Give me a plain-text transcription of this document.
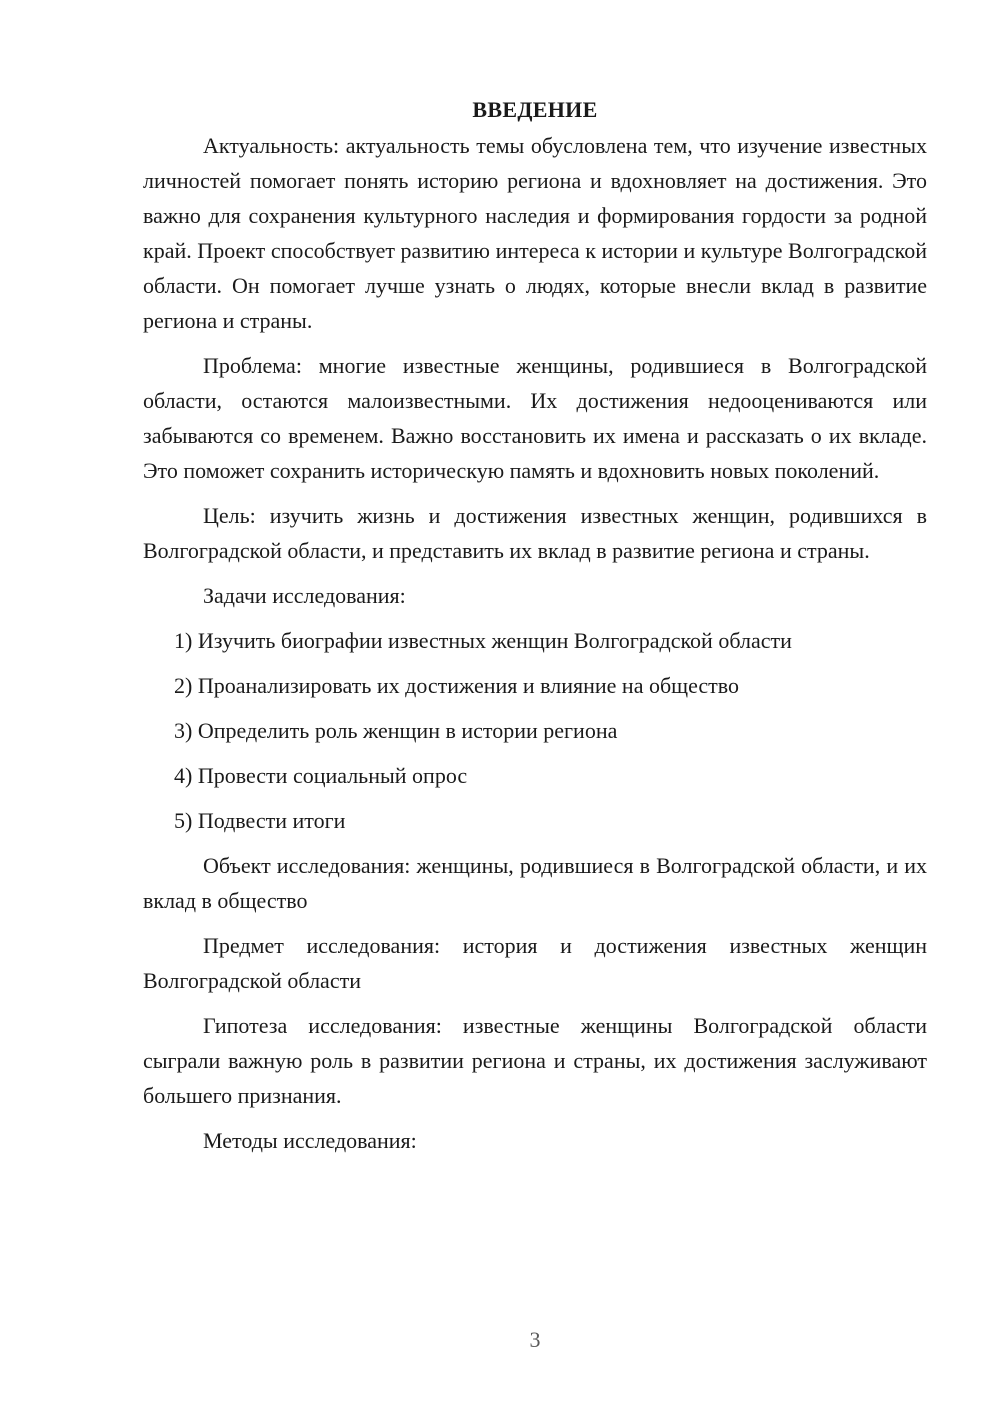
ВВЕДЕНИЕ

Актуальность: актуальность темы обусловлена тем, что изучение известных личностей помогает понять историю региона и вдохновляет на достижения. Это важно для сохранения культурного наследия и формирования гордости за родной край. Проект способствует развитию интереса к истории и культуре Волгоградской области. Он помогает лучше узнать о людях, которые внесли вклад в развитие региона и страны.

Проблема: многие известные женщины, родившиеся в Волгоградской области, остаются малоизвестными. Их достижения недооцениваются или забываются со временем. Важно восстановить их имена и рассказать о их вкладе. Это поможет сохранить историческую память и вдохновить новых поколений.

Цель: изучить жизнь и достижения известных женщин, родившихся в Волгоградской области, и представить их вклад в развитие региона и страны.

Задачи исследования:

1) Изучить биографии известных женщин Волгоградской области

2) Проанализировать их достижения и влияние на общество

3) Определить роль женщин в истории региона

4) Провести социальный опрос

5) Подвести итоги

Объект исследования: женщины, родившиеся в Волгоградской области, и их вклад в общество

Предмет исследования: история и достижения известных женщин Волгоградской области

Гипотеза исследования: известные женщины Волгоградской области сыграли важную роль в развитии региона и страны, их достижения заслуживают большего признания.

Методы исследования:

3
